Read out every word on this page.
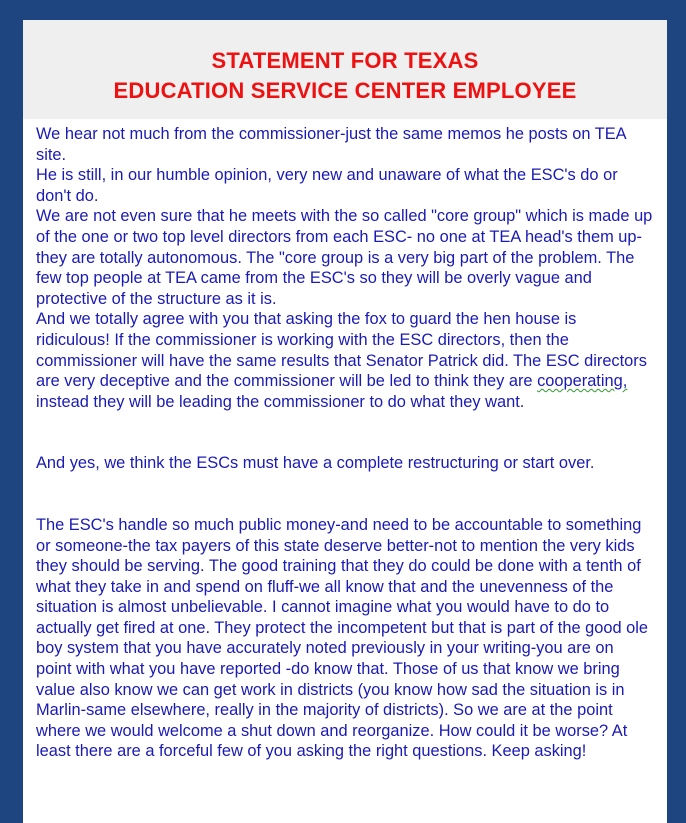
STATEMENT FOR TEXAS
EDUCATION SERVICE CENTER EMPLOYEE

We hear not much from the commissioner-just the same memos he posts on TEA site.

He is still, in our humble opinion, very new and unaware of what the ESC's do or don't do.

We are not even sure that he meets with the so called "core group" which is made up of the one or two top level directors from each ESC- no one at TEA head's them up-they are totally autonomous. The "core group is a very big part of the problem. The few top people at TEA came from the ESC's so they will be overly vague and protective of the structure as it is.

And we totally agree with you that asking the fox to guard the hen house is ridiculous! If the commissioner is working with the ESC directors, then the commissioner will have the same results that Senator Patrick did. The ESC directors are very deceptive and the commissioner will be led to think they are cooperating, instead they will be leading the commissioner to do what they want.

And yes, we think the ESCs must have a complete restructuring or start over.

The ESC's handle so much public money-and need to be accountable to something or someone-the tax payers of this state deserve better-not to mention the very kids they should be serving. The good training that they do could be done with a tenth of what they take in and spend on fluff-we all know that and the unevenness of the situation is almost unbelievable. I cannot imagine what you would have to do to actually get fired at one. They protect the incompetent but that is part of the good ole boy system that you have accurately noted previously in your writing-you are on point with what you have reported -do know that. Those of us that know we bring value also know we can get work in districts (you know how sad the situation is in Marlin-same elsewhere, really in the majority of districts). So we are at the point where we would welcome a shut down and reorganize. How could it be worse? At least there are a forceful few of you asking the right questions. Keep asking!
